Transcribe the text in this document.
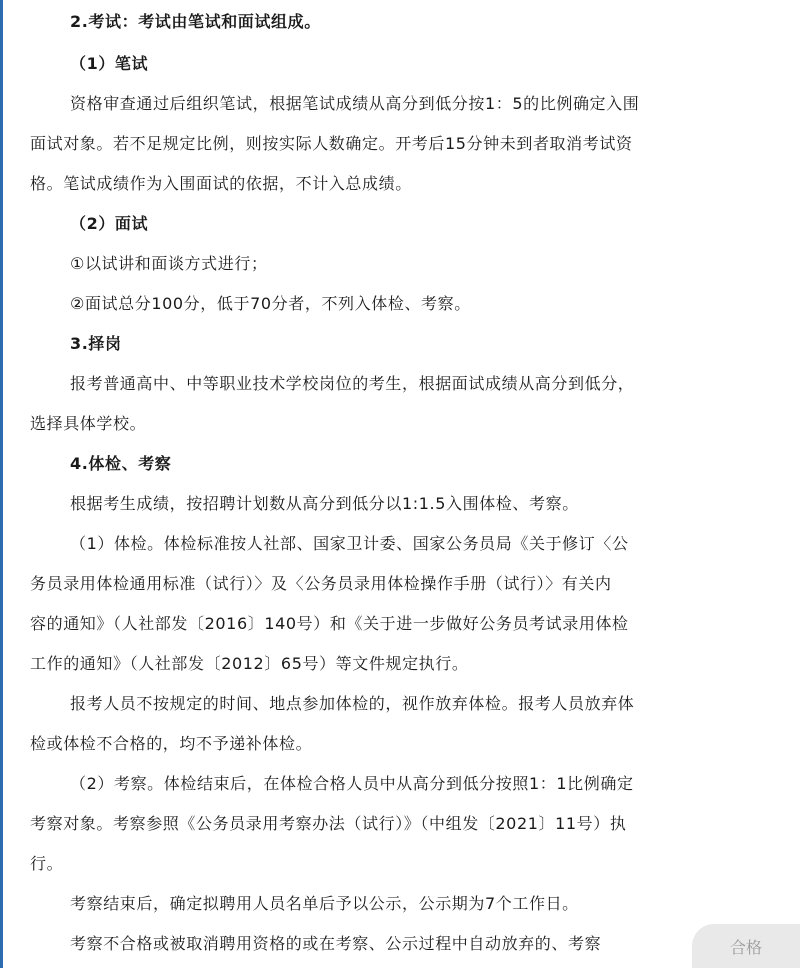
2.考试：考试由笔试和面试组成。
（1）笔试
资格审查通过后组织笔试，根据笔试成绩从高分到低分按1：5的比例确定入围
面试对象。若不足规定比例，则按实际人数确定。开考后15分钟未到者取消考试资
格。笔试成绩作为入围面试的依据，不计入总成绩。
（2）面试
①以试讲和面谈方式进行；
②面试总分100分，低于70分者，不列入体检、考察。
3.择岗
报考普通高中、中等职业技术学校岗位的考生，根据面试成绩从高分到低分，
选择具体学校。
4.体检、考察
根据考生成绩，按招聘计划数从高分到低分以1:1.5入围体检、考察。
（1）体检。体检标准按人社部、国家卫计委、国家公务员局《关于修订〈公
务员录用体检通用标准（试行）〉及〈公务员录用体检操作手册（试行）〉有关内
容的通知》（人社部发〔2016〕140号）和《关于进一步做好公务员考试录用体检
工作的通知》（人社部发〔2012〕65号）等文件规定执行。
报考人员不按规定的时间、地点参加体检的，视作放弃体检。报考人员放弃体
检或体检不合格的，均不予递补体检。
（2）考察。体检结束后，在体检合格人员中从高分到低分按照1：1比例确定
考察对象。考察参照《公务员录用考察办法（试行）》（中组发〔2021〕11号）执
行。
考察结束后，确定拟聘用人员名单后予以公示，公示期为7个工作日。
考察不合格或被取消聘用资格的或在考察、公示过程中自动放弃的、考察	合格
